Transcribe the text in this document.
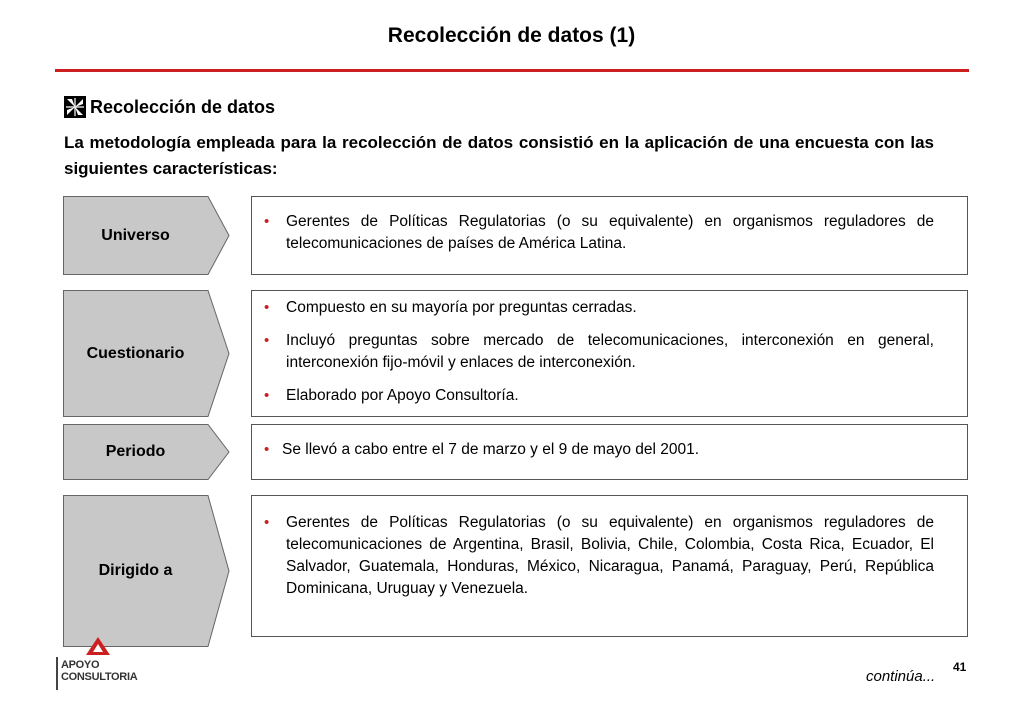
Recolección de datos (1)
Recolección de datos
La metodología empleada para la recolección de datos consistió en la aplicación de una encuesta con las siguientes características:
Universo
• Gerentes de Políticas Regulatorias (o su equivalente) en organismos reguladores de telecomunicaciones de países de América Latina.
Cuestionario
• Compuesto en su mayoría por preguntas cerradas.
• Incluyó preguntas sobre mercado de telecomunicaciones, interconexión en general, interconexión fijo-móvil y enlaces de interconexión.
• Elaborado por Apoyo Consultoría.
Periodo	• Se llevó a cabo entre el 7 de marzo y el 9 de mayo del 2001.
Dirigido a
• Gerentes de Políticas Regulatorias (o su equivalente) en organismos reguladores de telecomunicaciones de Argentina, Brasil, Bolivia, Chile, Colombia, Costa Rica, Ecuador, El Salvador, Guatemala, Honduras, México, Nicaragua, Panamá, Paraguay, Perú, República Dominicana, Uruguay y Venezuela.
APOYO
CONSULTORIA	continúa...
41
